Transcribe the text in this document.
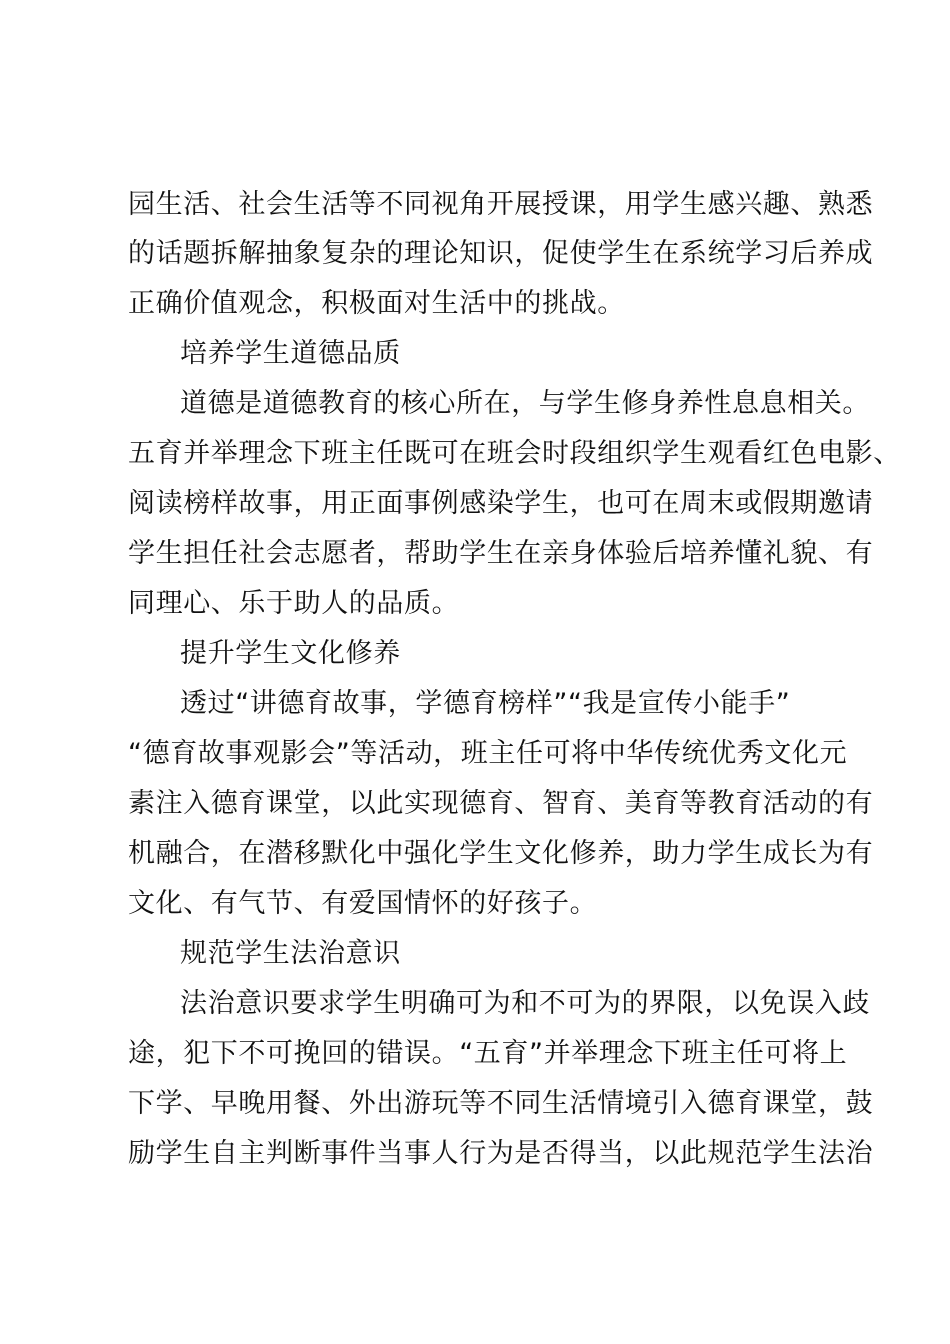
园生活、社会生活等不同视角开展授课，用学生感兴趣、熟悉
的话题拆解抽象复杂的理论知识，促使学生在系统学习后养成
正确价值观念，积极面对生活中的挑战。
培养学生道德品质
道德是道德教育的核心所在，与学生修身养性息息相关。
五育并举理念下班主任既可在班会时段组织学生观看红色电影、
阅读榜样故事，用正面事例感染学生，也可在周末或假期邀请
学生担任社会志愿者，帮助学生在亲身体验后培养懂礼貌、有
同理心、乐于助人的品质。
提升学生文化修养
透过“讲德育故事，学德育榜样”“我是宣传小能手”
“德育故事观影会”等活动，班主任可将中华传统优秀文化元
素注入德育课堂，以此实现德育、智育、美育等教育活动的有
机融合，在潜移默化中强化学生文化修养，助力学生成长为有
文化、有气节、有爱国情怀的好孩子。
规范学生法治意识
法治意识要求学生明确可为和不可为的界限，以免误入歧
途，犯下不可挽回的错误。“五育”并举理念下班主任可将上
下学、早晚用餐、外出游玩等不同生活情境引入德育课堂，鼓
励学生自主判断事件当事人行为是否得当，以此规范学生法治
